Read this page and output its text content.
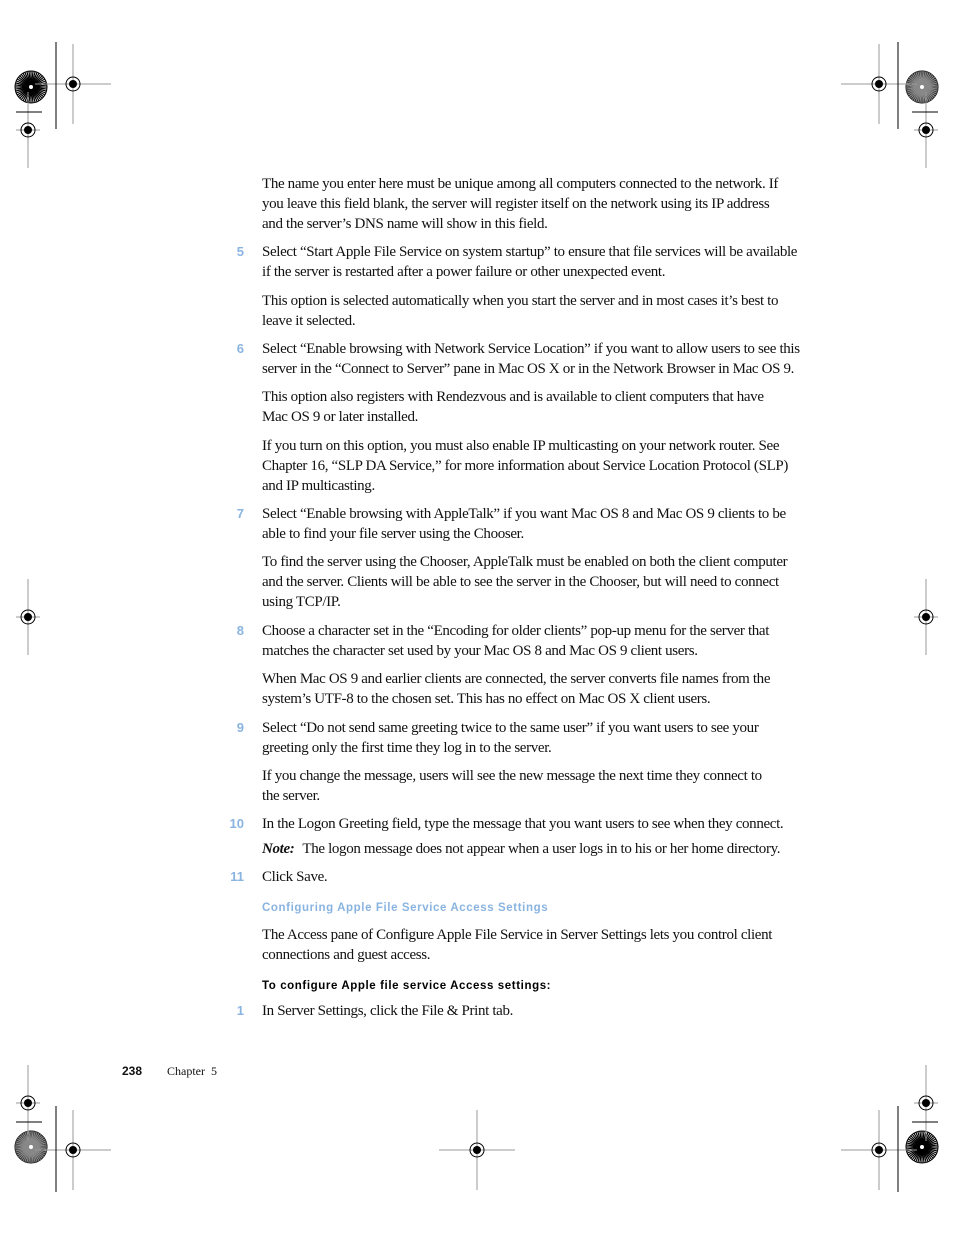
The name you enter here must be unique among all computers connected to the network. If
you leave this field blank, the server will register itself on the network using its IP address
and the server’s DNS name will show in this field.
5 Select “Start Apple File Service on system startup” to ensure that file services will be available
if the server is restarted after a power failure or other unexpected event.
This option is selected automatically when you start the server and in most cases it’s best to
leave it selected.
6 Select “Enable browsing with Network Service Location” if you want to allow users to see this
server in the “Connect to Server” pane in Mac OS X or in the Network Browser in Mac OS 9.
This option also registers with Rendezvous and is available to client computers that have
Mac OS 9 or later installed.
If you turn on this option, you must also enable IP multicasting on your network router. See
Chapter 16, “SLP DA Service,” for more information about Service Location Protocol (SLP)
and IP multicasting.
7 Select “Enable browsing with AppleTalk” if you want Mac OS 8 and Mac OS 9 clients to be
able to find your file server using the Chooser.
To find the server using the Chooser, AppleTalk must be enabled on both the client computer
and the server. Clients will be able to see the server in the Chooser, but will need to connect
using TCP/IP.
8 Choose a character set in the “Encoding for older clients” pop-up menu for the server that
matches the character set used by your Mac OS 8 and Mac OS 9 client users.
When Mac OS 9 and earlier clients are connected, the server converts file names from the
system’s UTF-8 to the chosen set. This has no effect on Mac OS X client users.
9 Select “Do not send same greeting twice to the same user” if you want users to see your
greeting only the first time they log in to the server.
If you change the message, users will see the new message the next time they connect to
the server.
10 In the Logon Greeting field, type the message that you want users to see when they connect.
Note: The logon message does not appear when a user logs in to his or her home directory.
11 Click Save.
Configuring Apple File Service Access Settings
The Access pane of Configure Apple File Service in Server Settings lets you control client
connections and guest access.
To configure Apple file service Access settings:
1 In Server Settings, click the File & Print tab.
238 Chapter  5
